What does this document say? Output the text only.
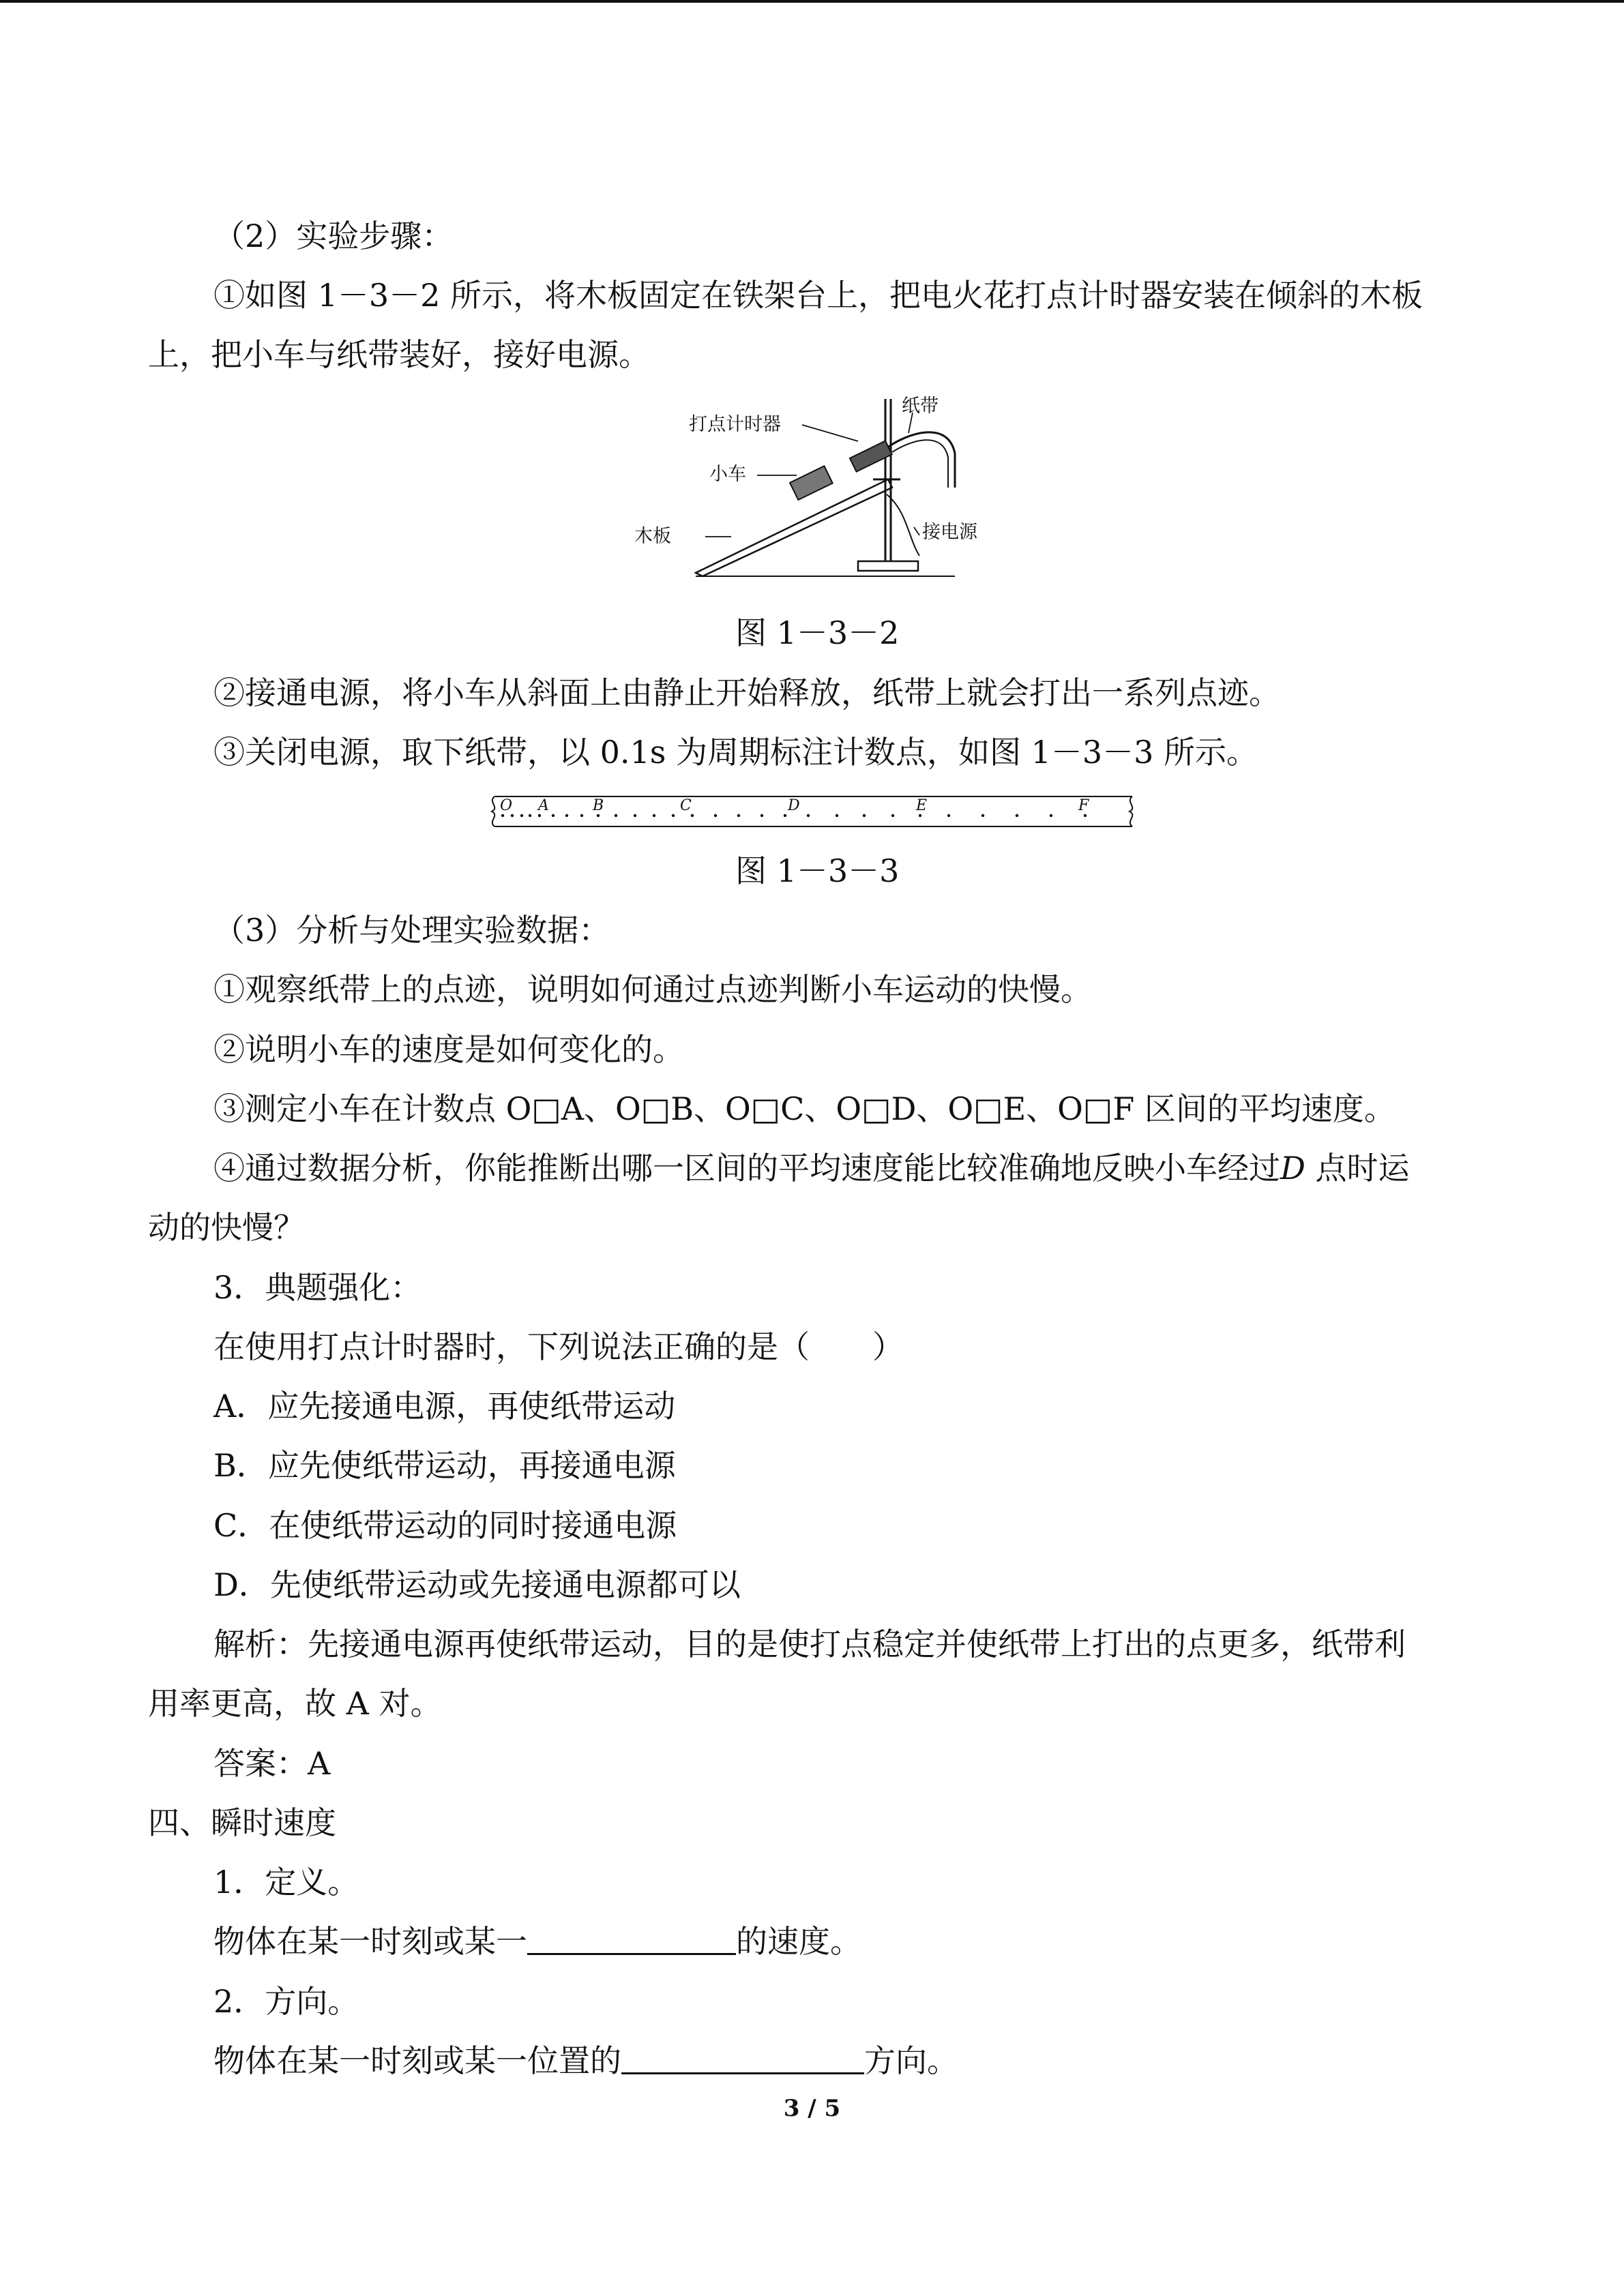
（2）实验步骤：
①如图 1－3－2 所示，将木板固定在铁架台上，把电火花打点计时器安装在倾斜的木板
上，把小车与纸带装好，接好电源。
打点计时器
纸带
小车
木板	接电源
图 1－3－2
②接通电源，将小车从斜面上由静止开始释放，纸带上就会打出一系列点迹。
③关闭电源，取下纸带，以 0.1s 为周期标注计数点，如图 1－3－3 所示。
O A	B	C	D	E	F
图 1－3－3
（3）分析与处理实验数据：
①观察纸带上的点迹，说明如何通过点迹判断小车运动的快慢。
②说明小车的速度是如何变化的。
③测定小车在计数点 O□A、O□B、O□C、O□D、O□E、O□F 区间的平均速度。
④通过数据分析，你能推断出哪一区间的平均速度能比较准确地反映小车经过D 点时运
动的快慢？
3．典题强化：
在使用打点计时器时，下列说法正确的是（　　）
A．应先接通电源，再使纸带运动
B．应先使纸带运动，再接通电源
C．在使纸带运动的同时接通电源
D．先使纸带运动或先接通电源都可以
解析：先接通电源再使纸带运动，目的是使打点稳定并使纸带上打出的点更多，纸带利
用率更高，故 A 对。
答案：A
四、瞬时速度
1．定义。
物体在某一时刻或某一	的速度。
2．方向。
物体在某一时刻或某一位置的	方向。
3 / 5
